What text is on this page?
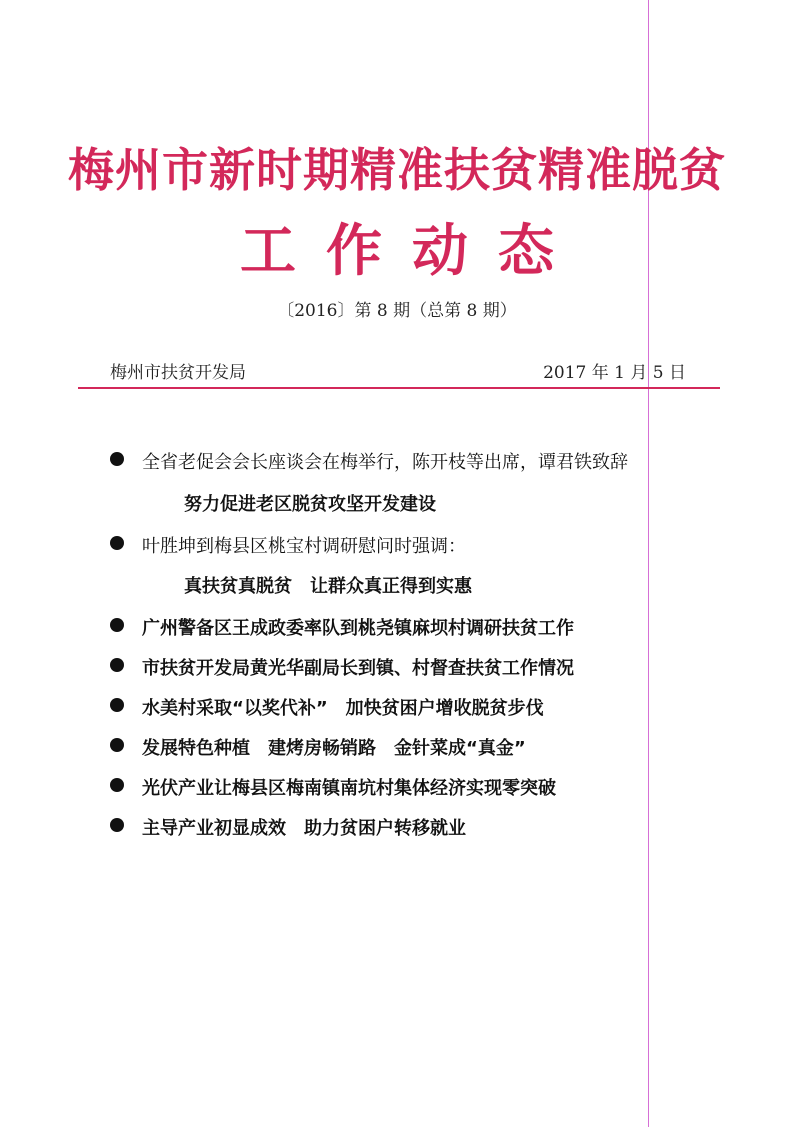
梅州市新时期精准扶贫精准脱贫
工作动态
〔2016〕第 8 期（总第 8 期）
梅州市扶贫开发局	2017 年 1 月 5 日
全省老促会会长座谈会在梅举行，陈开枝等出席，谭君铁致辞
努力促进老区脱贫攻坚开发建设
叶胜坤到梅县区桃宝村调研慰问时强调：
真扶贫真脱贫　让群众真正得到实惠
广州警备区王成政委率队到桃尧镇麻坝村调研扶贫工作
市扶贫开发局黄光华副局长到镇、村督查扶贫工作情况
水美村采取“以奖代补”　加快贫困户增收脱贫步伐
发展特色种植　建烤房畅销路　金针菜成“真金”
光伏产业让梅县区梅南镇南坑村集体经济实现零突破
主导产业初显成效　助力贫困户转移就业
